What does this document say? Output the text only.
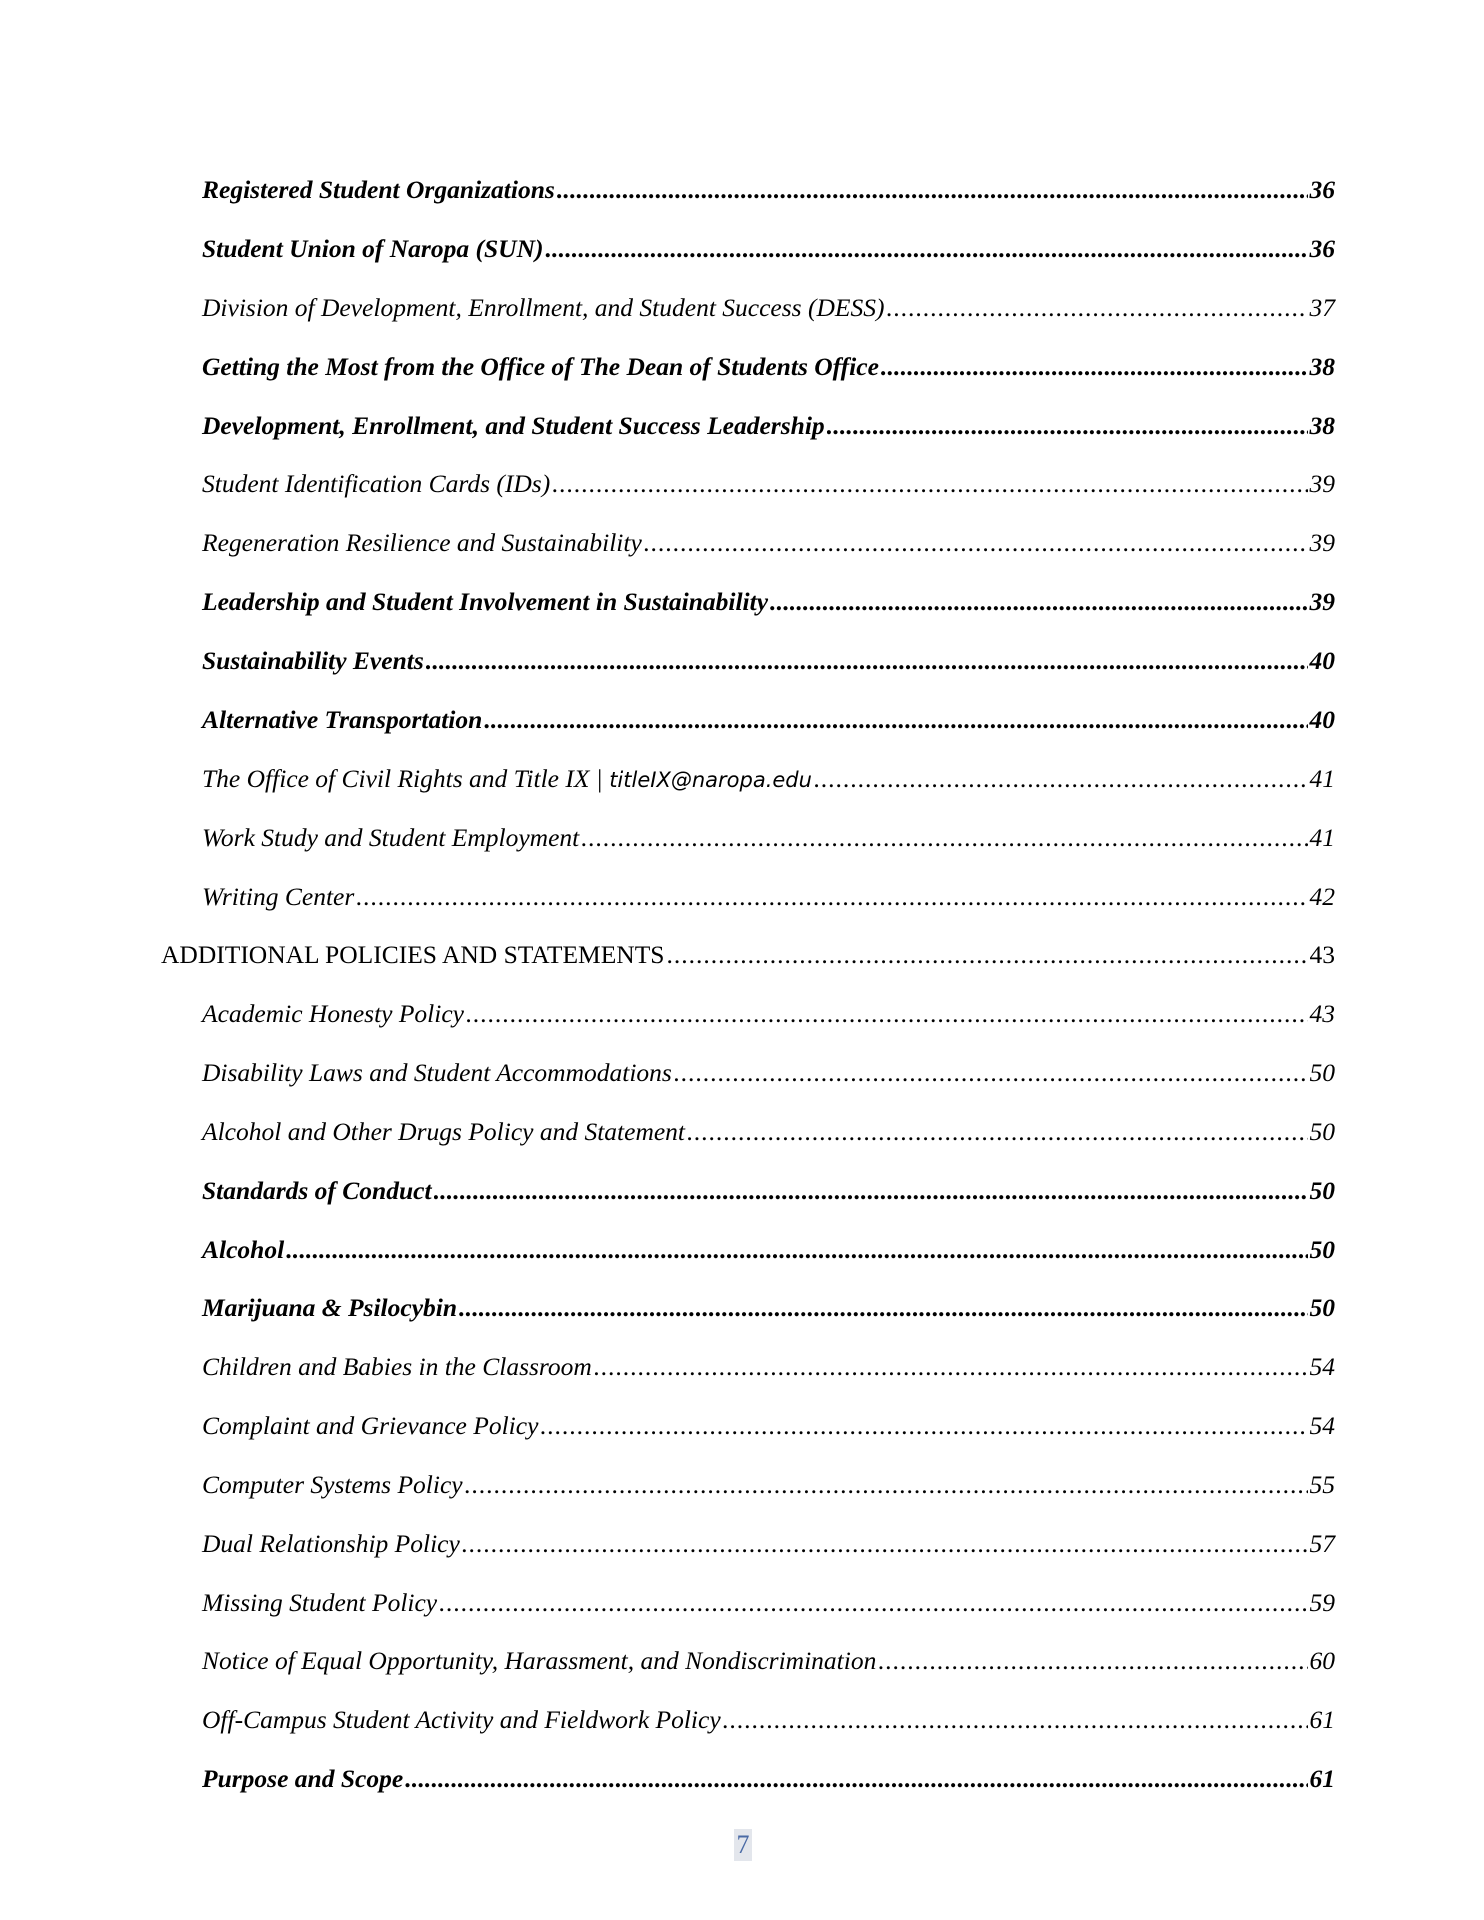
Registered Student Organizations .....	36
Student Union of Naropa (SUN) .....	36
Division of Development, Enrollment, and Student Success (DESS) .....	37
Getting the Most from the Office of The Dean of Students Office .....	38
Development, Enrollment, and Student Success Leadership .....	38
Student Identification Cards (IDs) .....	39
Regeneration Resilience and Sustainability .....	39
Leadership and Student Involvement in Sustainability .....	39
Sustainability Events .....	40
Alternative Transportation .....	40
The Office of Civil Rights and Title IX | titleIX@naropa.edu .....	41
Work Study and Student Employment .....	41
Writing Center .....	42
ADDITIONAL POLICIES AND STATEMENTS .....	43
Academic Honesty Policy .....	43
Disability Laws and Student Accommodations .....	50
Alcohol and Other Drugs Policy and Statement .....	50
Standards of Conduct .....	50
Alcohol .....	50
Marijuana & Psilocybin .....	50
Children and Babies in the Classroom .....	54
Complaint and Grievance Policy .....	54
Computer Systems Policy .....	55
Dual Relationship Policy .....	57
Missing Student Policy .....	59
Notice of Equal Opportunity, Harassment, and Nondiscrimination .....	60
Off-Campus Student Activity and Fieldwork Policy .....	61
Purpose and Scope .....	61
7
